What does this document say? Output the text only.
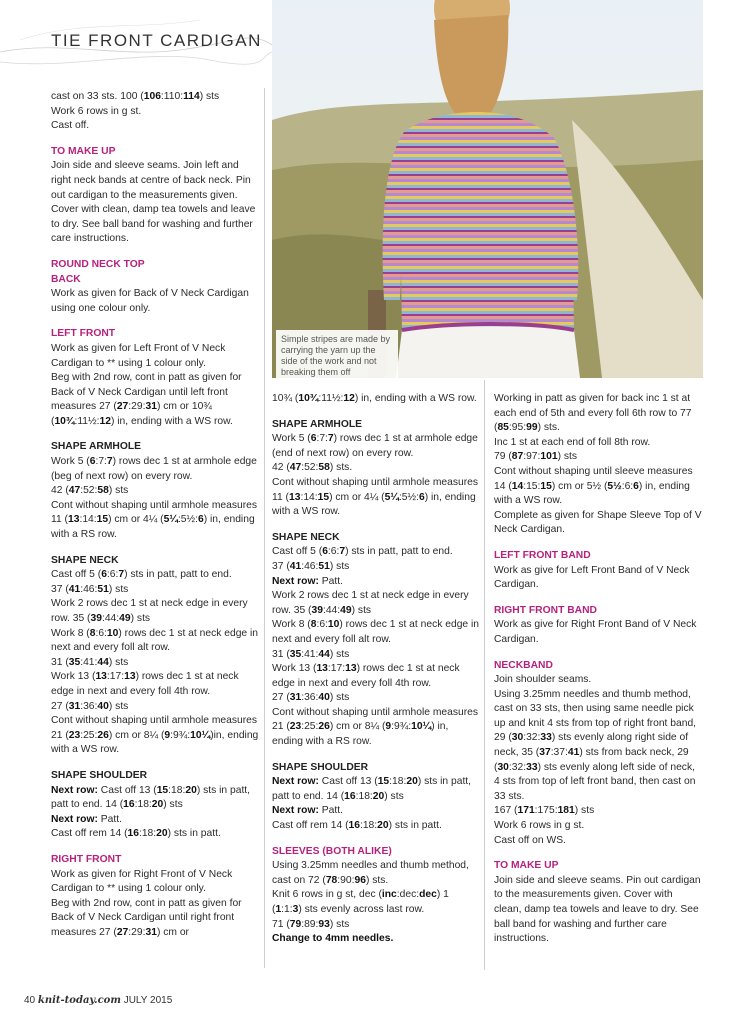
TIE FRONT CARDIGAN
Simple stripes are made by carrying the yarn up the side of the work and not breaking them off

cast on 33 sts. 100 (106:110:114) sts

Work 6 rows in g st.

Cast off.

TO MAKE UP

Join side and sleeve seams. Join left and right neck bands at centre of back neck. Pin out cardigan to the measurements given. Cover with clean, damp tea towels and leave to dry. See ball band for washing and further care instructions.

ROUND NECK TOP

BACK

Work as given for Back of V Neck Cardigan using one colour only.

LEFT FRONT

Work as given for Left Front of V Neck Cardigan to ** using 1 colour only.

Beg with 2nd row, cont in patt as given for Back of V Neck Cardigan until left front measures 27 (27:29:31) cm or 10¾ (10¾:11½:12) in, ending with a WS row.

SHAPE ARMHOLE

Work 5 (6:7:7) rows dec 1 st at armhole edge (beg of next row) on every row.

42 (47:52:58) sts

Cont without shaping until armhole measures 11 (13:14:15) cm or 4¼ (5¼:5½:6) in, ending with a RS row.

SHAPE NECK

Cast off 5 (6:6:7) sts in patt, patt to end.

37 (41:46:51) sts

Work 2 rows dec 1 st at neck edge in every row. 35 (39:44:49) sts

Work 8 (8:6:10) rows dec 1 st at neck edge in next and every foll alt row.

31 (35:41:44) sts

Work 13 (13:17:13) rows dec 1 st at neck edge in next and every foll 4th row.

27 (31:36:40) sts

Cont without shaping until armhole measures 21 (23:25:26) cm or 8¼ (9:9¾:10¼)in, ending with a WS row.

SHAPE SHOULDER

Next row: Cast off 13 (15:18:20) sts in patt, patt to end. 14 (16:18:20) sts

Next row: Patt.

Cast off rem 14 (16:18:20) sts in patt.

RIGHT FRONT

Work as given for Right Front of V Neck Cardigan to ** using 1 colour only.

Beg with 2nd row, cont in patt as given for Back of V Neck Cardigan until right front measures 27 (27:29:31) cm or

10¾ (10¾:11½:12) in, ending with a WS row.

SHAPE ARMHOLE

Work 5 (6:7:7) rows dec 1 st at armhole edge (end of next row) on every row.

42 (47:52:58) sts.

Cont without shaping until armhole measures 11 (13:14:15) cm or 4¼ (5¼:5½:6) in, ending with a WS row.

SHAPE NECK

Cast off 5 (6:6:7) sts in patt, patt to end.

37 (41:46:51) sts

Next row: Patt.

Work 2 rows dec 1 st at neck edge in every row. 35 (39:44:49) sts

Work 8 (8:6:10) rows dec 1 st at neck edge in next and every foll alt row.

31 (35:41:44) sts

Work 13 (13:17:13) rows dec 1 st at neck edge in next and every foll 4th row.

27 (31:36:40) sts

Cont without shaping until armhole measures 21 (23:25:26) cm or 8¼ (9:9¾:10¼) in, ending with a RS row.

SHAPE SHOULDER

Next row: Cast off 13 (15:18:20) sts in patt, patt to end. 14 (16:18:20) sts

Next row: Patt.

Cast off rem 14 (16:18:20) sts in patt.

SLEEVES (BOTH ALIKE)

Using 3.25mm needles and thumb method, cast on 72 (78:90:96) sts.

Knit 6 rows in g st, dec (inc:dec:dec) 1 (1:1:3) sts evenly across last row.

71 (79:89:93) sts

Change to 4mm needles.

Working in patt as given for back inc 1 st at each end of 5th and every foll 6th row to 77 (85:95:99) sts.

Inc 1 st at each end of foll 8th row.

79 (87:97:101) sts

Cont without shaping until sleeve measures 14 (14:15:15) cm or 5½ (5½:6:6) in, ending with a WS row.

Complete as given for Shape Sleeve Top of V Neck Cardigan.

LEFT FRONT BAND

Work as give for Left Front Band of V Neck Cardigan.

RIGHT FRONT BAND

Work as give for Right Front Band of V Neck Cardigan.

NECKBAND

Join shoulder seams.

Using 3.25mm needles and thumb method, cast on 33 sts, then using same needle pick up and knit 4 sts from top of right front band, 29 (30:32:33) sts evenly along right side of neck, 35 (37:37:41) sts from back neck, 29 (30:32:33) sts evenly along left side of neck, 4 sts from top of left front band, then cast on 33 sts.

167 (171:175:181) sts

Work 6 rows in g st.

Cast off on WS.

TO MAKE UP

Join side and sleeve seams. Pin out cardigan to the measurements given. Cover with clean, damp tea towels and leave to dry. See ball band for washing and further care instructions.

40 knit-today.com JULY 2015
